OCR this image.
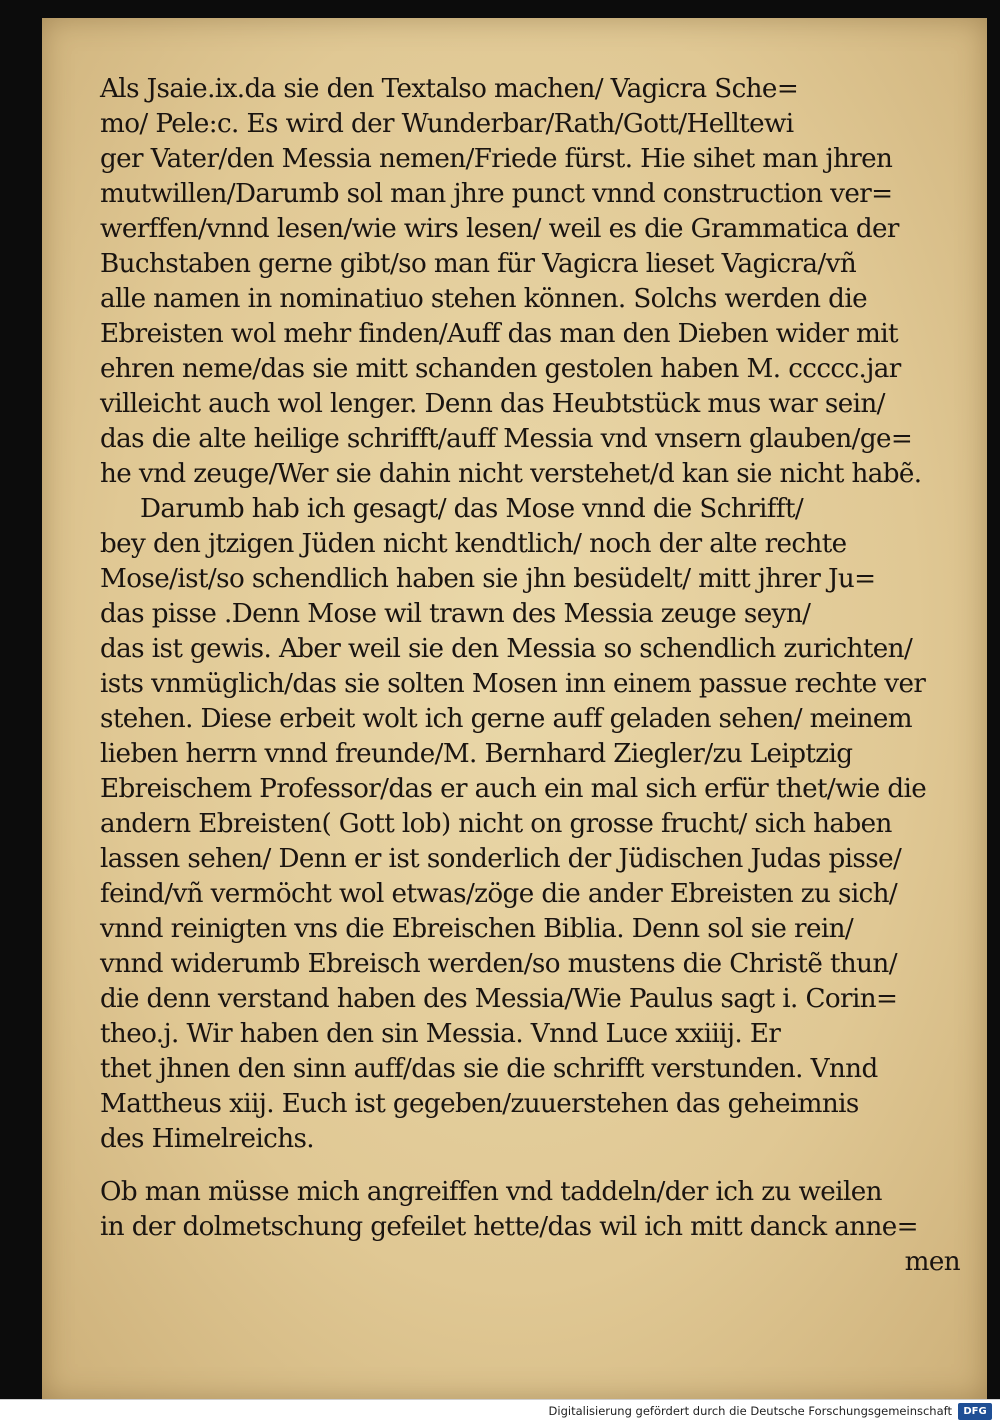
Als Jsaie.ix.da sie den Textalso machen/ Vagicra Sche=
mo/ Pele:c. Es wird der Wunderbar/Rath/Gott/Helltewi
ger Vater/den Messia nemen/Friede fürst. Hie sihet man jhren
mutwillen/Darumb sol man jhre punct vnnd construction ver=
werffen/vnnd lesen/wie wirs lesen/ weil es die Grammatica der
Buchstaben gerne gibt/so man für Vagicra lieset Vagicra/vñ
alle namen in nominatiuo stehen können. Solchs werden die
Ebreisten wol mehr finden/Auff das man den Dieben wider mit
ehren neme/das sie mitt schanden gestolen haben M. ccccc.jar
villeicht auch wol lenger. Denn das Heubtstück mus war sein/
das die alte heilige schrifft/auff Messia vnd vnsern glauben/ge=
he vnd zeuge/Wer sie dahin nicht verstehet/d kan sie nicht habẽ.
Darumb hab ich gesagt/ das Mose vnnd die Schrifft/
bey den jtzigen Jüden nicht kendtlich/ noch der alte rechte
Mose/ist/so schendlich haben sie jhn besüdelt/ mitt jhrer Ju=
das pisse .Denn Mose wil trawn des Messia zeuge seyn/
das ist gewis. Aber weil sie den Messia so schendlich zurichten/
ists vnmüglich/das sie solten Mosen inn einem passue rechte ver
stehen. Diese erbeit wolt ich gerne auff geladen sehen/ meinem
lieben herrn vnnd freunde/M. Bernhard Ziegler/zu Leiptzig
Ebreischem Professor/das er auch ein mal sich erfür thet/wie die
andern Ebreisten( Gott lob) nicht on grosse frucht/ sich haben
lassen sehen/ Denn er ist sonderlich der Jüdischen Judas pisse/
feind/vñ vermöcht wol etwas/zöge die ander Ebreisten zu sich/
vnnd reinigten vns die Ebreischen Biblia. Denn sol sie rein/
vnnd widerumb Ebreisch werden/so mustens die Christẽ thun/
die denn verstand haben des Messia/Wie Paulus sagt i. Corin=
theo.j. Wir haben den sin Messia. Vnnd Luce xxiiij. Er
thet jhnen den sinn auff/das sie die schrifft verstunden. Vnnd
Mattheus xiij. Euch ist gegeben/zuuerstehen das geheimnis
des Himelreichs.
Ob man müsse mich angreiffen vnd taddeln/der ich zu weilen
in der dolmetschung gefeilet hette/das wil ich mitt danck anne=
men
Digitalisierung gefördert durch die Deutsche Forschungsgemeinschaft	DFG
